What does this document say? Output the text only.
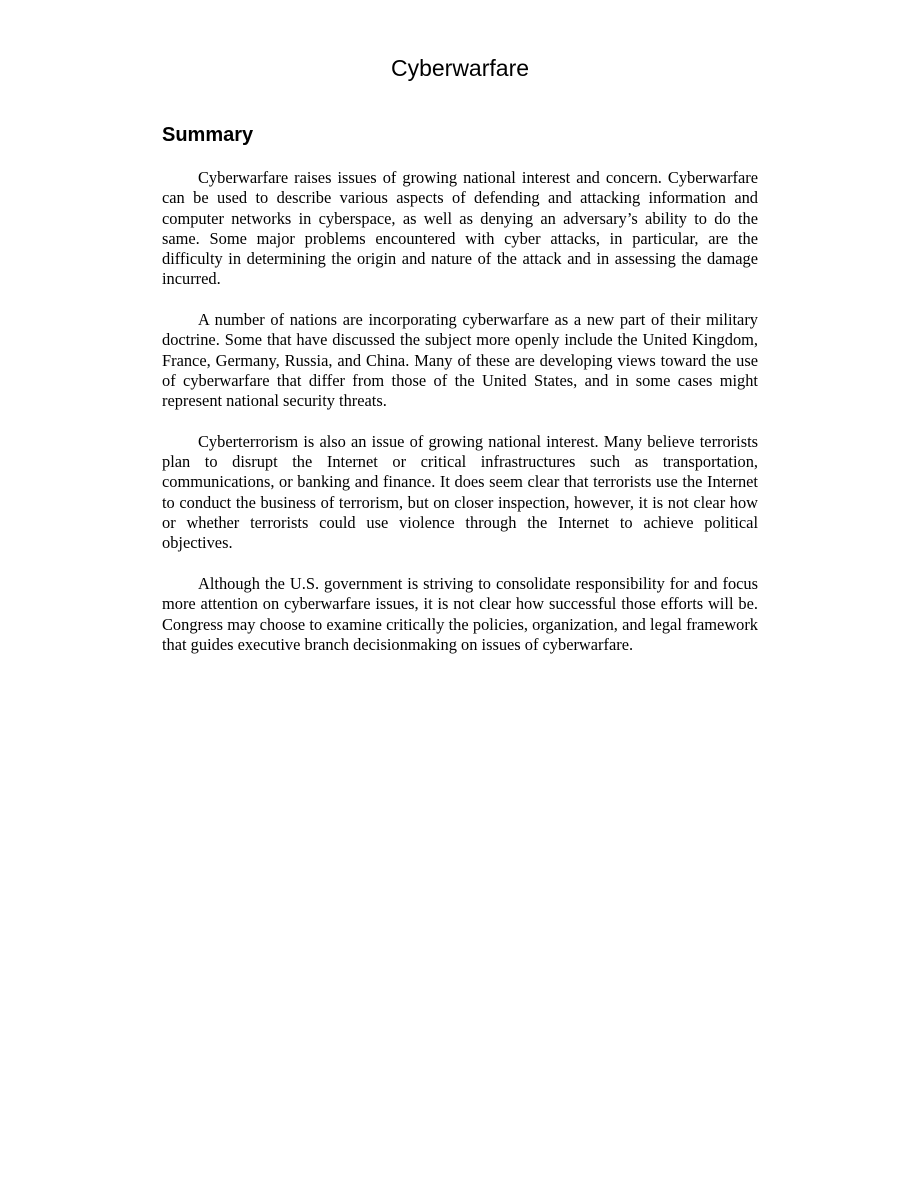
Cyberwarfare
Summary

Cyberwarfare raises issues of growing national interest and concern. Cyberwarfare can be used to describe various aspects of defending and attacking information and computer networks in cyberspace, as well as denying an adversary’s ability to do the same. Some major problems encountered with cyber attacks, in particular, are the difficulty in determining the origin and nature of the attack and in assessing the damage incurred.

A number of nations are incorporating cyberwarfare as a new part of their military doctrine. Some that have discussed the subject more openly include the United Kingdom, France, Germany, Russia, and China. Many of these are developing views toward the use of cyberwarfare that differ from those of the United States, and in some cases might represent national security threats.

Cyberterrorism is also an issue of growing national interest. Many believe terrorists plan to disrupt the Internet or critical infrastructures such as transportation, communications, or banking and finance. It does seem clear that terrorists use the Internet to conduct the business of terrorism, but on closer inspection, however, it is not clear how or whether terrorists could use violence through the Internet to achieve political objectives.

Although the U.S. government is striving to consolidate responsibility for and focus more attention on cyberwarfare issues, it is not clear how successful those efforts will be. Congress may choose to examine critically the policies, organization, and legal framework that guides executive branch decisionmaking on issues of cyberwarfare.
